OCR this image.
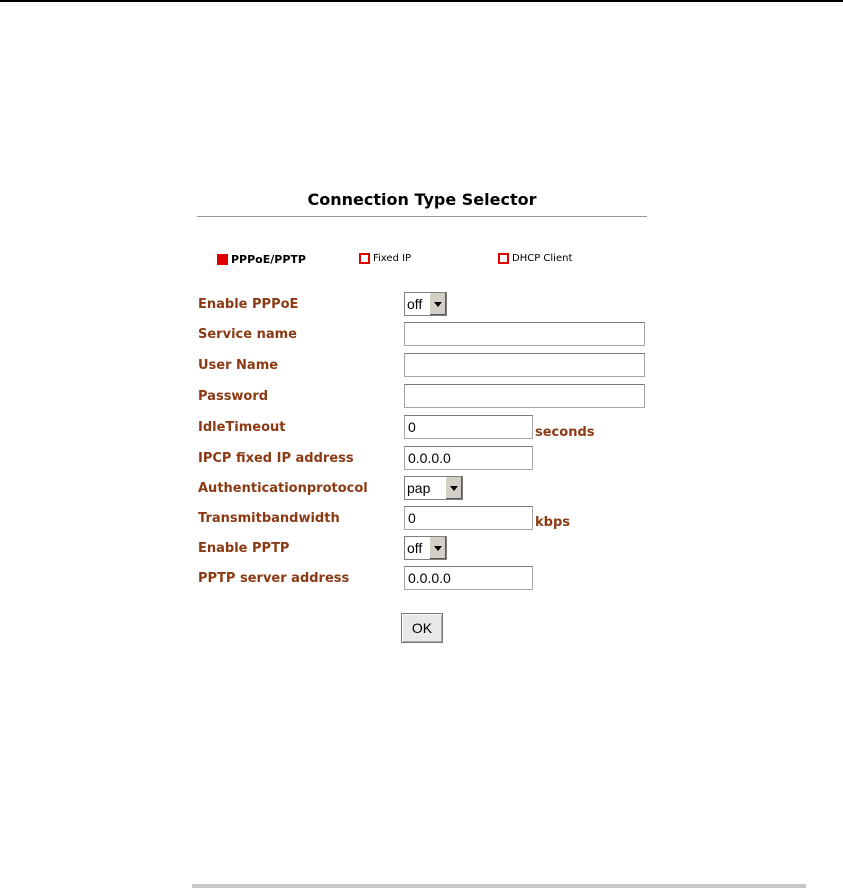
Connection Type Selector
PPPoE/PPTP	Fixed IP	DHCP Client
Enable PPPoE	off
Service name
User Name
Password
IdleTimeout	0	seconds
IPCP fixed IP address	0.0.0.0
Authenticationprotocol	pap
Transmitbandwidth	0	kbps
Enable PPTP	off
PPTP server address	0.0.0.0
OK
